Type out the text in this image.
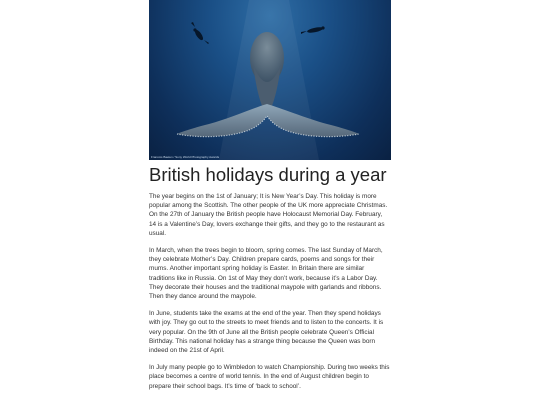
Francois Baelen / Sony World Photography Awards
British holidays during a year

The year begins on the 1st of January; It is New Year’s Day. This holiday is more popular among the Scottish. The other people of the UK more appreciate Christmas. On the 27th of January the British people have Holocaust Memorial Day. February, 14 is a Valentine’s Day, lovers exchange their gifts, and they go to the restaurant as usual.

In March, when the trees begin to bloom, spring comes. The last Sunday of March, they celebrate Mother’s Day. Children prepare cards, poems and songs for their mums. Another important spring holiday is Easter. In Britain there are similar traditions like in Russia. On 1st of May they don’t work, because it’s a Labor Day. They decorate their houses and the traditional maypole with garlands and ribbons. Then they dance around the maypole.

In June, students take the exams at the end of the year. Then they spend holidays with joy. They go out to the streets to meet friends and to listen to the concerts. It is very popular. On the 9th of June all the British people celebrate Queen’s Official Birthday. This national holiday has a strange thing because the Queen was born indeed on the 21st of April.

In July many people go to Wimbledon to watch Championship. During two weeks this place becomes a centre of world tennis. In the end of August children begin to prepare their school bags. It’s time of ‘back to school’.
